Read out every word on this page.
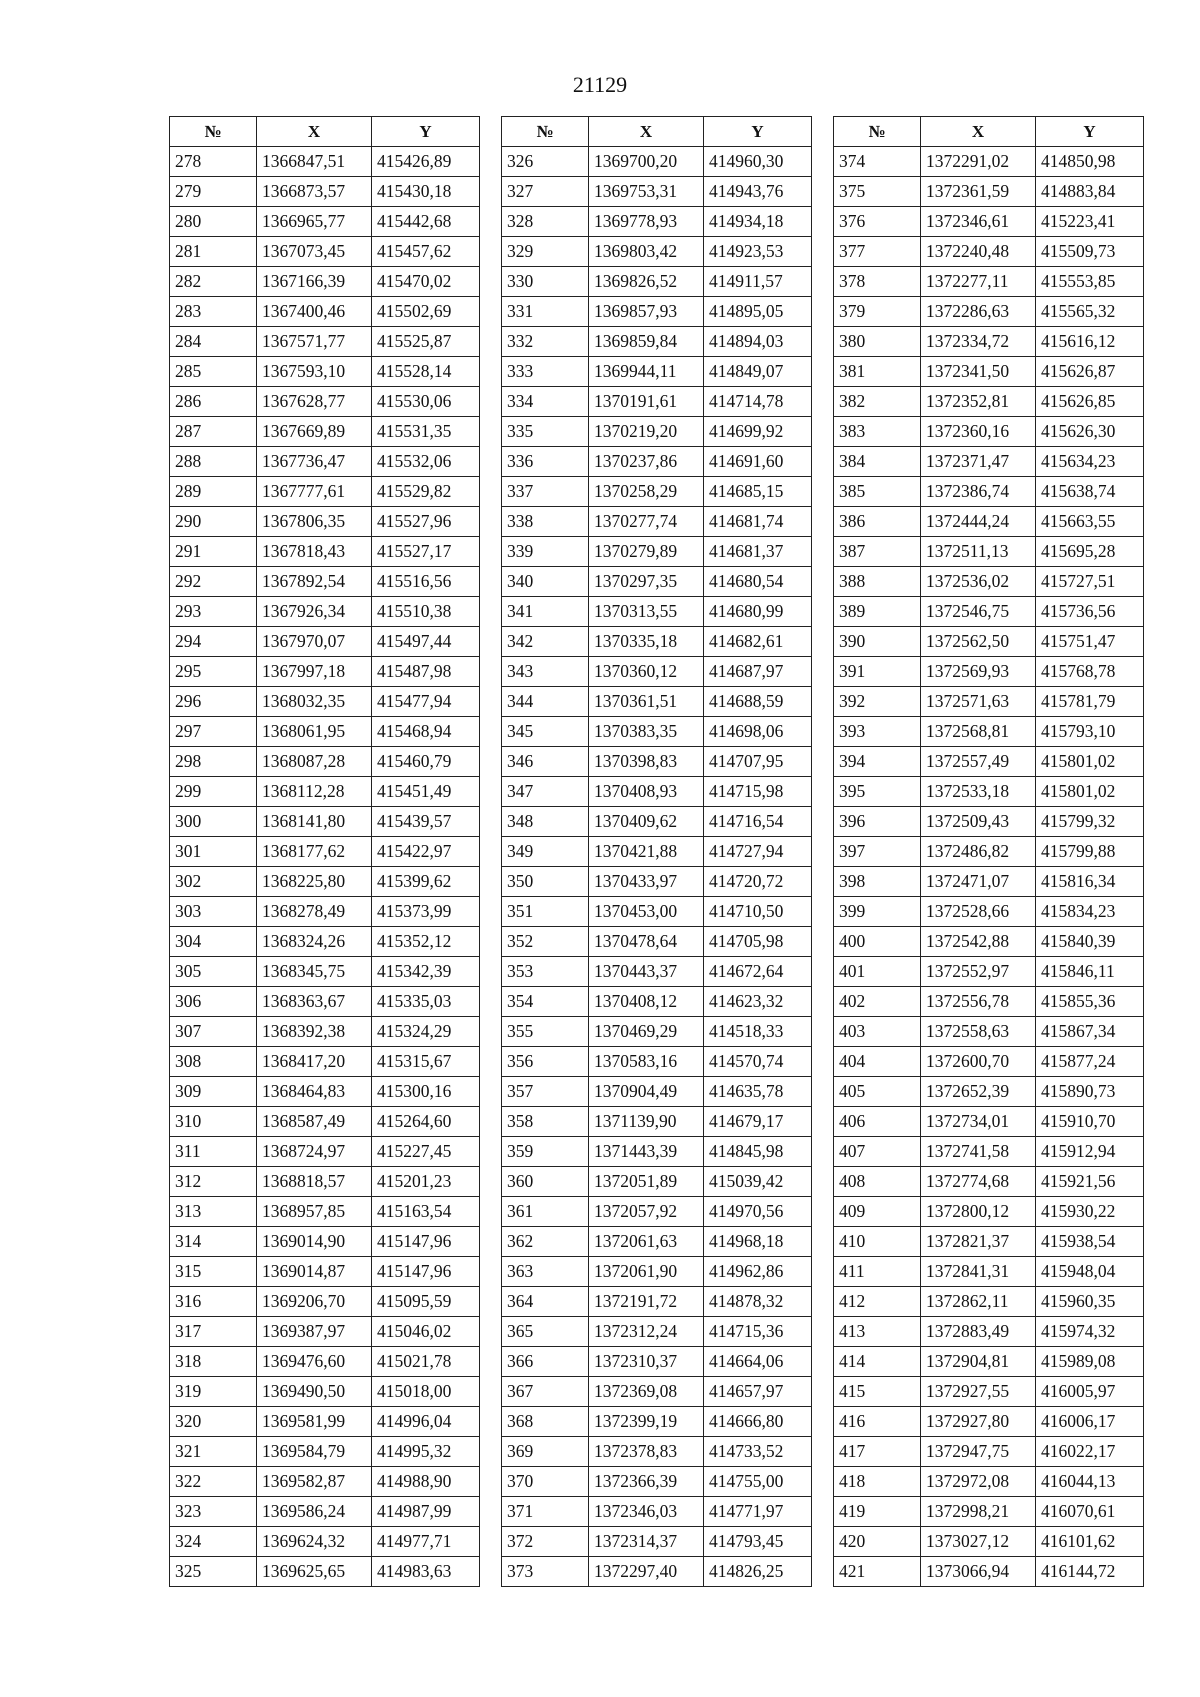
21129
№	X	Y
278	1366847,51	415426,89
279	1366873,57	415430,18
280	1366965,77	415442,68
281	1367073,45	415457,62
282	1367166,39	415470,02
283	1367400,46	415502,69
284	1367571,77	415525,87
285	1367593,10	415528,14
286	1367628,77	415530,06
287	1367669,89	415531,35
288	1367736,47	415532,06
289	1367777,61	415529,82
290	1367806,35	415527,96
291	1367818,43	415527,17
292	1367892,54	415516,56
293	1367926,34	415510,38
294	1367970,07	415497,44
295	1367997,18	415487,98
296	1368032,35	415477,94
297	1368061,95	415468,94
298	1368087,28	415460,79
299	1368112,28	415451,49
300	1368141,80	415439,57
301	1368177,62	415422,97
302	1368225,80	415399,62
303	1368278,49	415373,99
304	1368324,26	415352,12
305	1368345,75	415342,39
306	1368363,67	415335,03
307	1368392,38	415324,29
308	1368417,20	415315,67
309	1368464,83	415300,16
310	1368587,49	415264,60
311	1368724,97	415227,45
312	1368818,57	415201,23
313	1368957,85	415163,54
314	1369014,90	415147,96
315	1369014,87	415147,96
316	1369206,70	415095,59
317	1369387,97	415046,02
318	1369476,60	415021,78
319	1369490,50	415018,00
320	1369581,99	414996,04
321	1369584,79	414995,32
322	1369582,87	414988,90
323	1369586,24	414987,99
324	1369624,32	414977,71
325	1369625,65	414983,63
№	X	Y
326	1369700,20	414960,30
327	1369753,31	414943,76
328	1369778,93	414934,18
329	1369803,42	414923,53
330	1369826,52	414911,57
331	1369857,93	414895,05
332	1369859,84	414894,03
333	1369944,11	414849,07
334	1370191,61	414714,78
335	1370219,20	414699,92
336	1370237,86	414691,60
337	1370258,29	414685,15
338	1370277,74	414681,74
339	1370279,89	414681,37
340	1370297,35	414680,54
341	1370313,55	414680,99
342	1370335,18	414682,61
343	1370360,12	414687,97
344	1370361,51	414688,59
345	1370383,35	414698,06
346	1370398,83	414707,95
347	1370408,93	414715,98
348	1370409,62	414716,54
349	1370421,88	414727,94
350	1370433,97	414720,72
351	1370453,00	414710,50
352	1370478,64	414705,98
353	1370443,37	414672,64
354	1370408,12	414623,32
355	1370469,29	414518,33
356	1370583,16	414570,74
357	1370904,49	414635,78
358	1371139,90	414679,17
359	1371443,39	414845,98
360	1372051,89	415039,42
361	1372057,92	414970,56
362	1372061,63	414968,18
363	1372061,90	414962,86
364	1372191,72	414878,32
365	1372312,24	414715,36
366	1372310,37	414664,06
367	1372369,08	414657,97
368	1372399,19	414666,80
369	1372378,83	414733,52
370	1372366,39	414755,00
371	1372346,03	414771,97
372	1372314,37	414793,45
373	1372297,40	414826,25
№	X	Y
374	1372291,02	414850,98
375	1372361,59	414883,84
376	1372346,61	415223,41
377	1372240,48	415509,73
378	1372277,11	415553,85
379	1372286,63	415565,32
380	1372334,72	415616,12
381	1372341,50	415626,87
382	1372352,81	415626,85
383	1372360,16	415626,30
384	1372371,47	415634,23
385	1372386,74	415638,74
386	1372444,24	415663,55
387	1372511,13	415695,28
388	1372536,02	415727,51
389	1372546,75	415736,56
390	1372562,50	415751,47
391	1372569,93	415768,78
392	1372571,63	415781,79
393	1372568,81	415793,10
394	1372557,49	415801,02
395	1372533,18	415801,02
396	1372509,43	415799,32
397	1372486,82	415799,88
398	1372471,07	415816,34
399	1372528,66	415834,23
400	1372542,88	415840,39
401	1372552,97	415846,11
402	1372556,78	415855,36
403	1372558,63	415867,34
404	1372600,70	415877,24
405	1372652,39	415890,73
406	1372734,01	415910,70
407	1372741,58	415912,94
408	1372774,68	415921,56
409	1372800,12	415930,22
410	1372821,37	415938,54
411	1372841,31	415948,04
412	1372862,11	415960,35
413	1372883,49	415974,32
414	1372904,81	415989,08
415	1372927,55	416005,97
416	1372927,80	416006,17
417	1372947,75	416022,17
418	1372972,08	416044,13
419	1372998,21	416070,61
420	1373027,12	416101,62
421	1373066,94	416144,72
